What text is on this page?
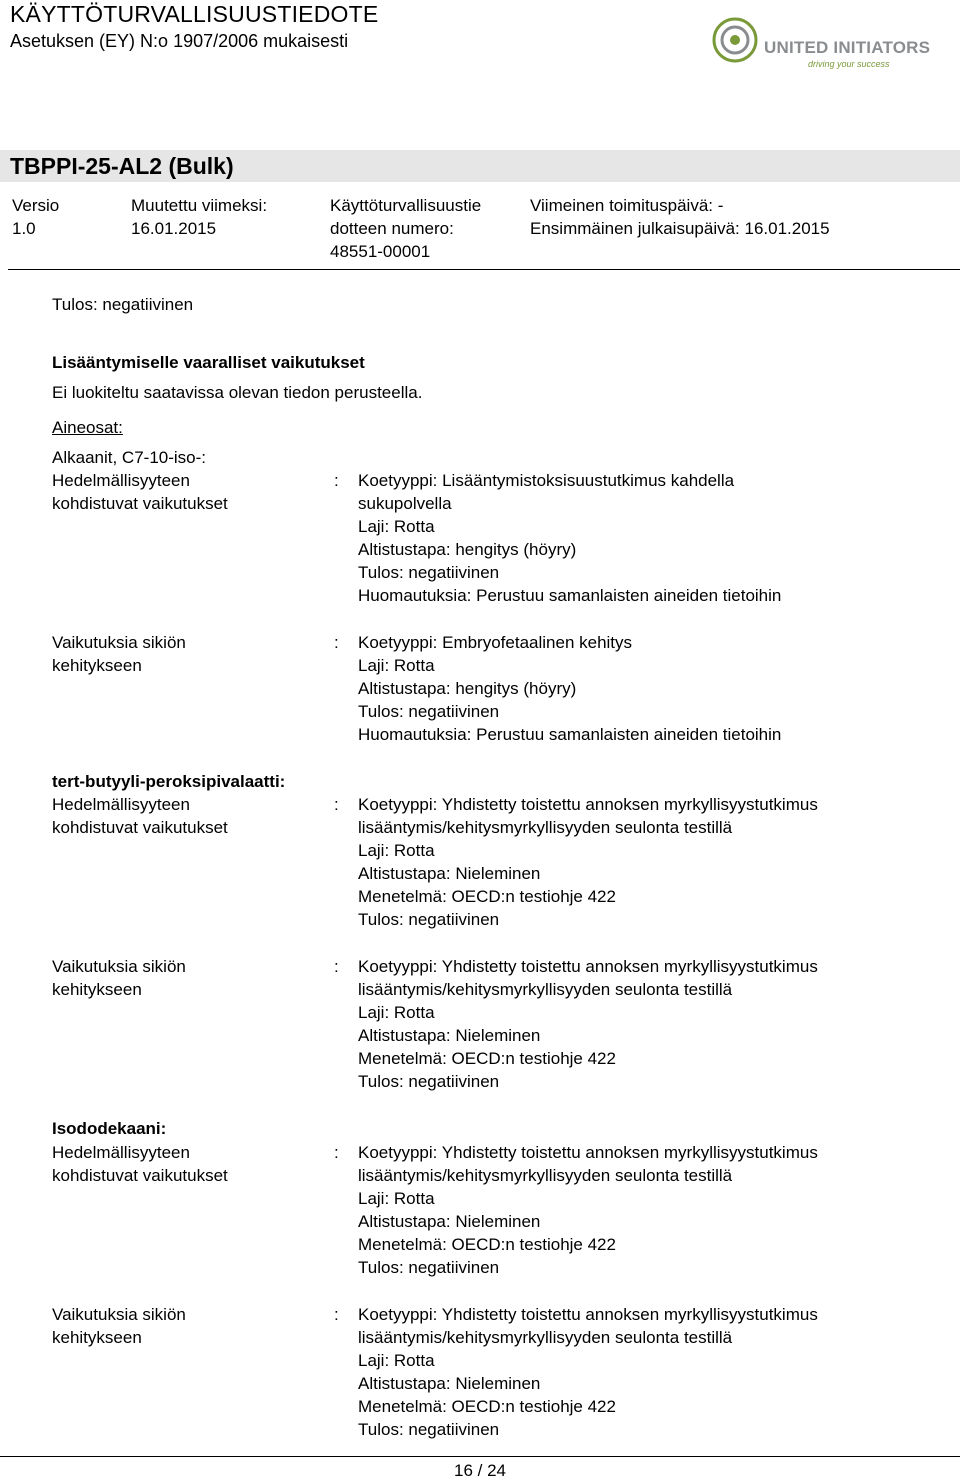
KÄYTTÖTURVALLISUUSTIEDOTE
Asetuksen (EY) N:o 1907/2006 mukaisesti	UNITED INITIATORS
driving your success
TBPPI-25-AL2 (Bulk)
Versio
1.0
Muutettu viimeksi:
16.01.2015
Käyttöturvallisuustie
dotteen numero:
48551-00001
Viimeinen toimituspäivä: -
Ensimmäinen julkaisupäivä: 16.01.2015
Tulos: negatiivinen
Lisääntymiselle vaaralliset vaikutukset
Ei luokiteltu saatavissa olevan tiedon perusteella.
Aineosat:
Alkaanit, C7-10-iso-:
Hedelmällisyyteen
kohdistuvat vaikutukset
: Koetyyppi: Lisääntymistoksisuustutkimus kahdella
sukupolvella
Laji: Rotta
Altistustapa: hengitys (höyry)
Tulos: negatiivinen
Huomautuksia: Perustuu samanlaisten aineiden tietoihin
Vaikutuksia sikiön
kehitykseen
: Koetyyppi: Embryofetaalinen kehitys
Laji: Rotta
Altistustapa: hengitys (höyry)
Tulos: negatiivinen
Huomautuksia: Perustuu samanlaisten aineiden tietoihin
tert-butyyli-peroksipivalaatti:
Hedelmällisyyteen
kohdistuvat vaikutukset
: Koetyyppi: Yhdistetty toistettu annoksen myrkyllisyystutkimus
lisääntymis/kehitysmyrkyllisyyden seulonta testillä
Laji: Rotta
Altistustapa: Nieleminen
Menetelmä: OECD:n testiohje 422
Tulos: negatiivinen
Vaikutuksia sikiön
kehitykseen
: Koetyyppi: Yhdistetty toistettu annoksen myrkyllisyystutkimus
lisääntymis/kehitysmyrkyllisyyden seulonta testillä
Laji: Rotta
Altistustapa: Nieleminen
Menetelmä: OECD:n testiohje 422
Tulos: negatiivinen
Isododekaani:
Hedelmällisyyteen
kohdistuvat vaikutukset
: Koetyyppi: Yhdistetty toistettu annoksen myrkyllisyystutkimus
lisääntymis/kehitysmyrkyllisyyden seulonta testillä
Laji: Rotta
Altistustapa: Nieleminen
Menetelmä: OECD:n testiohje 422
Tulos: negatiivinen
Vaikutuksia sikiön
kehitykseen
: Koetyyppi: Yhdistetty toistettu annoksen myrkyllisyystutkimus
lisääntymis/kehitysmyrkyllisyyden seulonta testillä
Laji: Rotta
Altistustapa: Nieleminen
Menetelmä: OECD:n testiohje 422
Tulos: negatiivinen
16 / 24
